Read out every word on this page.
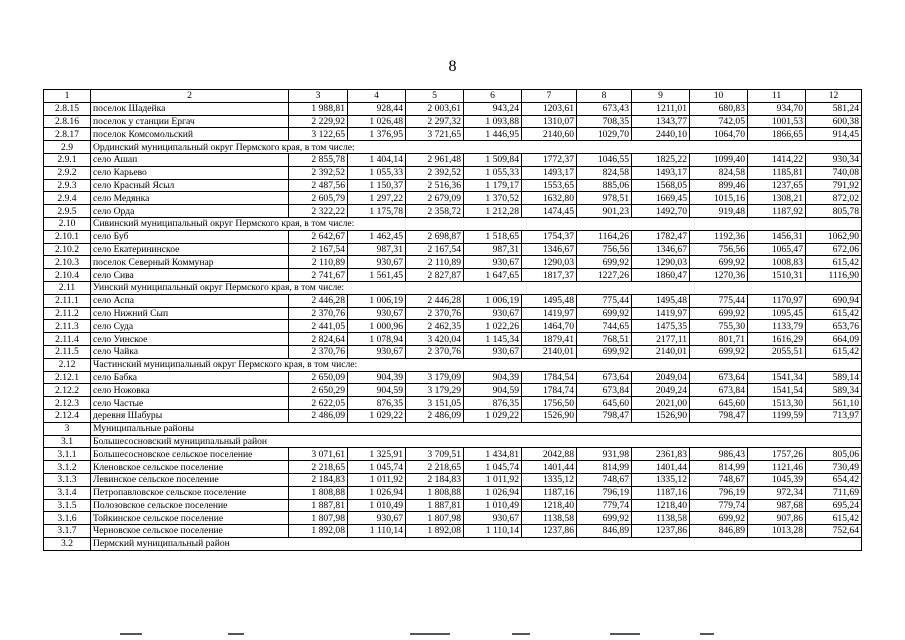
8
1	2	3	4	5	6	7	8	9	10	11	12
2.8.15	поселок Шадейка	1 988,81	928,44	2 003,61	943,24	1203,61	673,43	1211,01	680,83	934,70	581,24
2.8.16	поселок у станции Ергач	2 229,92	1 026,48	2 297,32	1 093,88	1310,07	708,35	1343,77	742,05	1001,53	600,38
2.8.17	поселок Комсомольский	3 122,65	1 376,95	3 721,65	1 446,95	2140,60	1029,70	2440,10	1064,70	1866,65	914,45
2.9	Ординский муниципальный округ Пермского края, в том числе:										
2.9.1	село Ашап	2 855,78	1 404,14	2 961,48	1 509,84	1772,37	1046,55	1825,22	1099,40	1414,22	930,34
2.9.2	село Карьево	2 392,52	1 055,33	2 392,52	1 055,33	1493,17	824,58	1493,17	824,58	1185,81	740,08
2.9.3	село Красный Ясыл	2 487,56	1 150,37	2 516,36	1 179,17	1553,65	885,06	1568,05	899,46	1237,65	791,92
2.9.4	село Медянка	2 605,79	1 297,22	2 679,09	1 370,52	1632,80	978,51	1669,45	1015,16	1308,21	872,02
2.9.5	село Орда	2 322,22	1 175,78	2 358,72	1 212,28	1474,45	901,23	1492,70	919,48	1187,92	805,78
2.10	Сивинский муниципальный округ Пермского края, в том числе:										
2.10.1	село Буб	2 642,67	1 462,45	2 698,87	1 518,65	1754,37	1164,26	1782,47	1192,36	1456,31	1062,90
2.10.2	село Екатерининское	2 167,54	987,31	2 167,54	987,31	1346,67	756,56	1346,67	756,56	1065,47	672,06
2.10.3	поселок Северный Коммунар	2 110,89	930,67	2 110,89	930,67	1290,03	699,92	1290,03	699,92	1008,83	615,42
2.10.4	село Сива	2 741,67	1 561,45	2 827,87	1 647,65	1817,37	1227,26	1860,47	1270,36	1510,31	1116,90
2.11	Уинский муниципальный округ Пермского края, в том числе:										
2.11.1	село Аспа	2 446,28	1 006,19	2 446,28	1 006,19	1495,48	775,44	1495,48	775,44	1170,97	690,94
2.11.2	село Нижний Сып	2 370,76	930,67	2 370,76	930,67	1419,97	699,92	1419,97	699,92	1095,45	615,42
2.11.3	село Суда	2 441,05	1 000,96	2 462,35	1 022,26	1464,70	744,65	1475,35	755,30	1133,79	653,76
2.11.4	село Уинское	2 824,64	1 078,94	3 420,04	1 145,34	1879,41	768,51	2177,11	801,71	1616,29	664,09
2.11.5	село Чайка	2 370,76	930,67	2 370,76	930,67	2140,01	699,92	2140,01	699,92	2055,51	615,42
2.12	Частинский муниципальный округ Пермского края, в том числе:										
2.12.1	село Бабка	2 650,09	904,39	3 179,09	904,39	1784,54	673,64	2049,04	673,64	1541,34	589,14
2.12.2	село Ножовка	2 650,29	904,59	3 179,29	904,59	1784,74	673,84	2049,24	673,84	1541,54	589,34
2.12.3	село Частые	2 622,05	876,35	3 151,05	876,35	1756,50	645,60	2021,00	645,60	1513,30	561,10
2.12.4	деревня Шабуры	2 486,09	1 029,22	2 486,09	1 029,22	1526,90	798,47	1526,90	798,47	1199,59	713,97
3	Муниципальные районы										
3.1	Большесосновский муниципальный район										
3.1.1	Большесосновское сельское поселение	3 071,61	1 325,91	3 709,51	1 434,81	2042,88	931,98	2361,83	986,43	1757,26	805,06
3.1.2	Кленовское сельское поселение	2 218,65	1 045,74	2 218,65	1 045,74	1401,44	814,99	1401,44	814,99	1121,46	730,49
3.1.3	Левинское сельское поселение	2 184,83	1 011,92	2 184,83	1 011,92	1335,12	748,67	1335,12	748,67	1045,39	654,42
3.1.4	Петропавловское сельское поселение	1 808,88	1 026,94	1 808,88	1 026,94	1187,16	796,19	1187,16	796,19	972,34	711,69
3.1.5	Полозовское сельское поселение	1 887,81	1 010,49	1 887,81	1 010,49	1218,40	779,74	1218,40	779,74	987,68	695,24
3.1.6	Тойкинское сельское поселение	1 807,98	930,67	1 807,98	930,67	1138,58	699,92	1138,58	699,92	907,86	615,42
3.1.7	Черновское сельское поселение	1 892,08	1 110,14	1 892,08	1 110,14	1237,86	846,89	1237,86	846,89	1013,28	752,64
3.2	Пермский муниципальный район										
